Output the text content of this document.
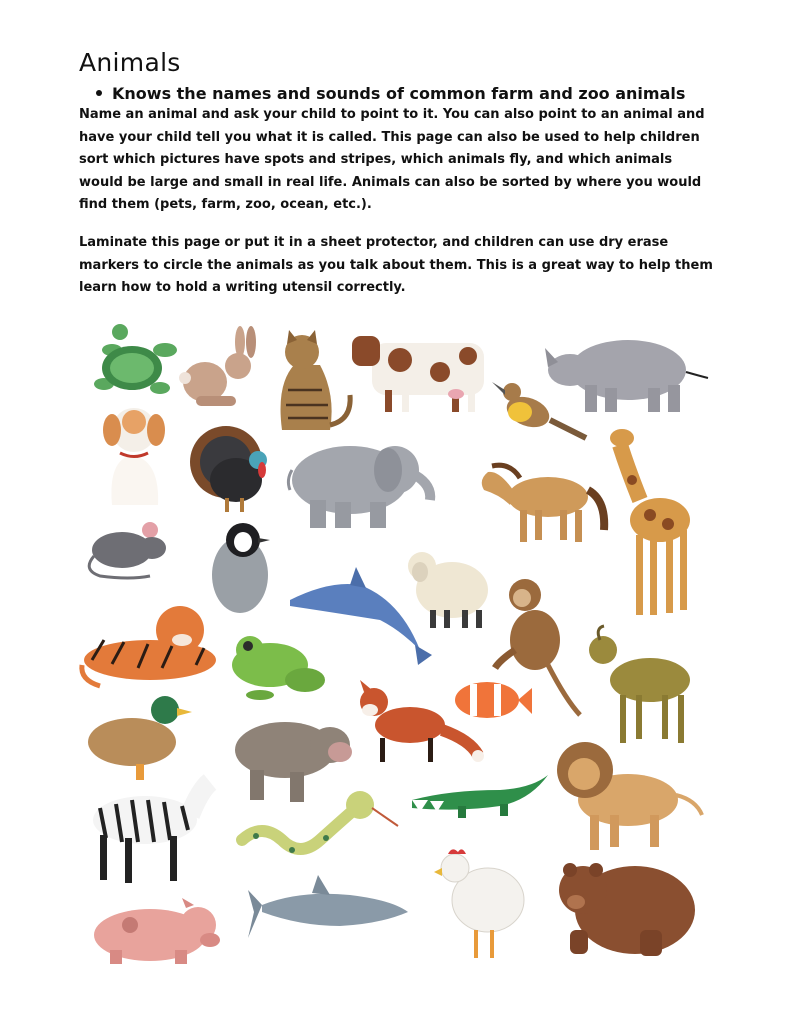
Animals
Knows the names and sounds of common farm and zoo animals

Name an animal and ask your child to point to it. You can also point to an animal and have your child tell you what it is called. This page can also be used to help children sort which pictures have spots and stripes, which animals fly, and which animals would be large and small in real life. Animals can also be sorted by where you would find them (pets, farm, zoo, ocean, etc.).

Laminate this page or put it in a sheet protector, and children can use dry erase markers to circle the animals as you talk about them. This is a great way to help them learn how to hold a writing utensil correctly.
